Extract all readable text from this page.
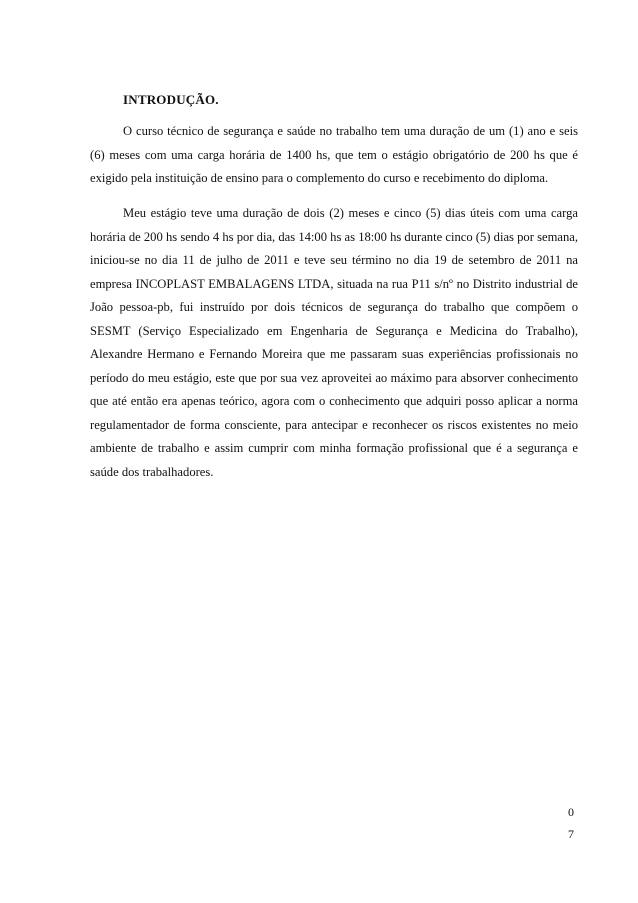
INTRODUÇÃO.

O curso técnico de segurança e saúde no trabalho tem uma duração de um (1) ano e seis (6) meses com uma carga horária de 1400 hs, que tem o estágio obrigatório de 200 hs que é exigido pela instituição de ensino para o complemento do curso e recebimento do diploma.

Meu estágio teve uma duração de dois (2) meses e cinco (5) dias úteis com uma carga horária de 200 hs sendo 4 hs por dia, das 14:00 hs as 18:00 hs durante cinco (5) dias por semana, iniciou-se no dia 11 de julho de 2011 e teve seu término no dia 19 de setembro de 2011 na empresa INCOPLAST EMBALAGENS LTDA, situada na rua P11 s/nº no Distrito industrial de João pessoa-pb, fui instruído por dois técnicos de segurança do trabalho que compõem o SESMT (Serviço Especializado em Engenharia de Segurança e Medicina do Trabalho), Alexandre Hermano e Fernando Moreira que me passaram suas experiências profissionais no período do meu estágio, este que por sua vez aproveitei ao máximo para absorver conhecimento que até então era apenas teórico, agora com o conhecimento que adquiri posso aplicar a norma regulamentador de forma consciente, para antecipar e reconhecer os riscos existentes no meio ambiente de trabalho e assim cumprir com minha formação profissional que é a segurança e saúde dos trabalhadores.

0
7
